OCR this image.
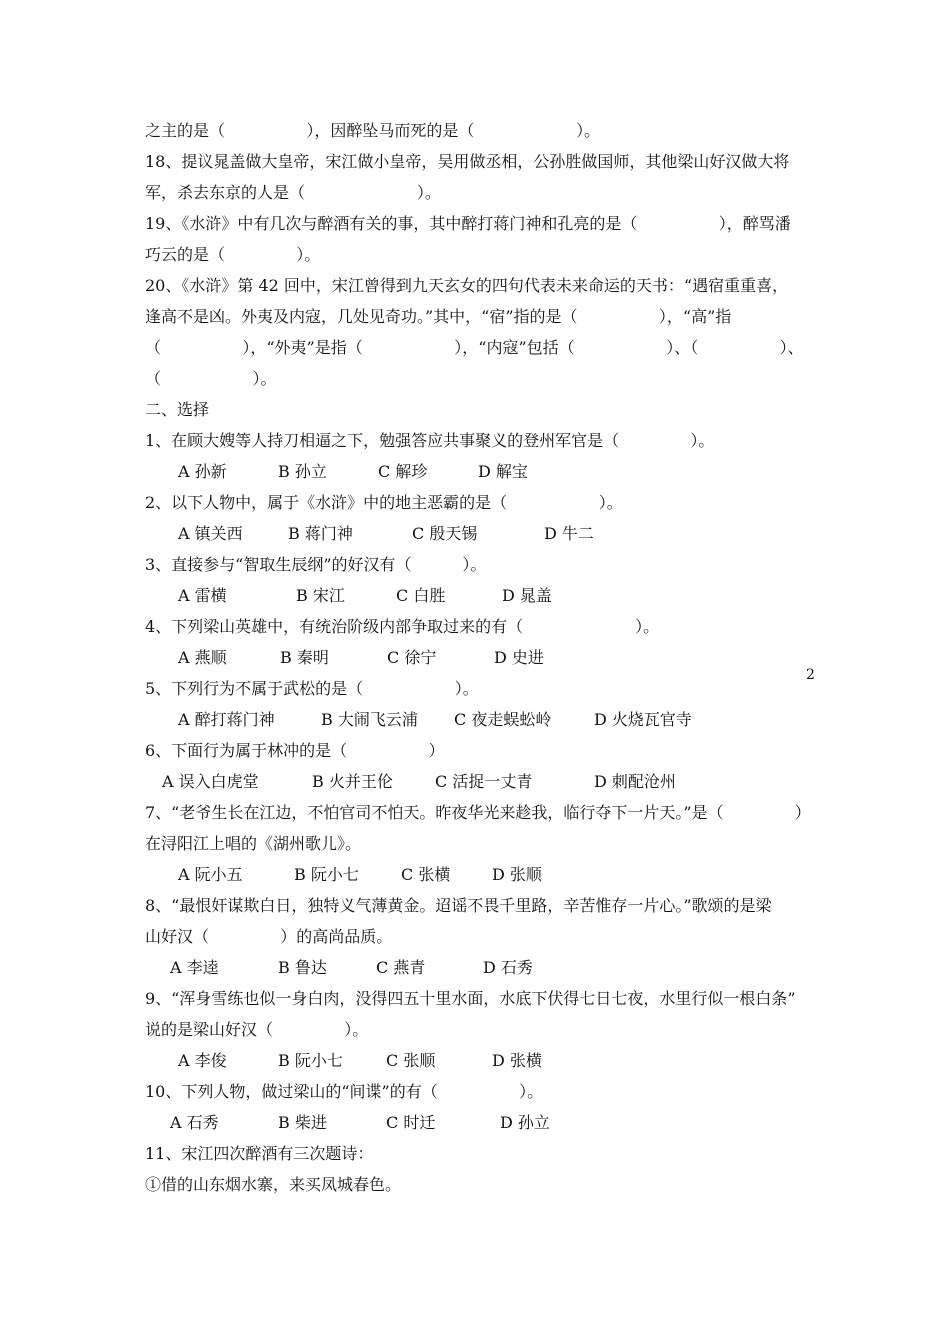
之主的是（                ），因醉坠马而死的是（                    ）。
18、提议晁盖做大皇帝，宋江做小皇帝，吴用做丞相，公孙胜做国师，其他梁山好汉做大将
军，杀去东京的人是（                      ）。
19、《水浒》中有几次与醉酒有关的事，其中醉打蒋门神和孔亮的是（                ），醉骂潘
巧云的是（              ）。
20、《水浒》第 42 回中，宋江曾得到九天玄女的四句代表未来命运的天书：“遇宿重重喜，
逢高不是凶。外夷及内寇，几处见奇功。”其中，“宿”指的是（                ），“高”指
（                ），“外夷”是指（                  ），“内寇”包括（                  ）、（                ）、
（                  ）。
二、选择
1、在顾大嫂等人持刀相逼之下，勉强答应共事聚义的登州军官是（              ）。
A 孙新	B 孙立	C 解珍	D 解宝
2、以下人物中，属于《水浒》中的地主恶霸的是（                  ）。
A 镇关西	B 蒋门神	C 殷天锡	D 牛二
3、直接参与“智取生辰纲”的好汉有（          ）。
A 雷横	B 宋江	C 白胜	D 晁盖
4、下列梁山英雄中，有统治阶级内部争取过来的有（                      ）。
A 燕顺	B 秦明	C 徐宁	D 史进
2
5、下列行为不属于武松的是（                  ）。
A 醉打蒋门神	B 大闹飞云浦 C 夜走蜈蚣岭	D 火烧瓦官寺
6、下面行为属于林冲的是（                ）
A 误入白虎堂	B 火并王伦	C 活捉一丈青	D 刺配沧州
7、“老爷生长在江边，不怕官司不怕天。昨夜华光来趁我，临行夺下一片天。”是（              ）
在浔阳江上唱的《湖州歌儿》。
A 阮小五	B 阮小七	C 张横	D 张顺
8、“最恨奸谋欺白日，独特义气薄黄金。迢谣不畏千里路，辛苦惟存一片心。”歌颂的是梁
山好汉（              ）的高尚品质。
A 李逵	B 鲁达	C 燕青	D 石秀
9、“浑身雪练也似一身白肉，没得四五十里水面，水底下伏得七日七夜，水里行似一根白条”
说的是梁山好汉（              ）。
A 李俊	B 阮小七	C 张顺	D 张横
10、下列人物，做过梁山的“间谍”的有（                ）。
A 石秀	B 柴进	C 时迁	D 孙立
11、宋江四次醉酒有三次题诗：
①借的山东烟水寨，来买凤城春色。
